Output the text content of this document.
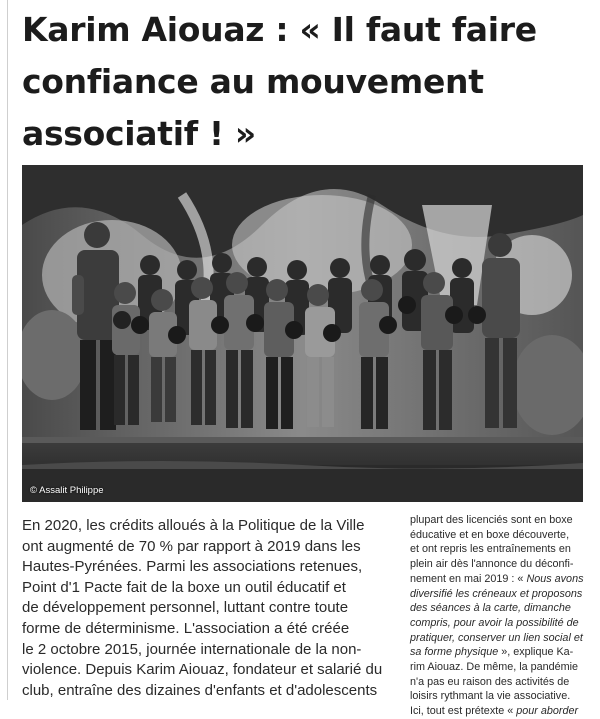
Karim Aiouaz : « Il faut faire
confiance au mouvement
associatif ! »
© Assalit Philippe
En 2020, les crédits alloués à la Politique de la Ville
ont augmenté de 70 % par rapport à 2019 dans les
Hautes-Pyrénées. Parmi les associations retenues,
Point d'1 Pacte fait de la boxe un outil éducatif et
de développement personnel, luttant contre toute
forme de déterminisme. L'association a été créée
le 2 octobre 2015, journée internationale de la non-
violence. Depuis Karim Aiouaz, fondateur et salarié du
club, entraîne des dizaines d'enfants et d'adolescents
plupart des licenciés sont en boxe
éducative et en boxe découverte,
et ont repris les entraînements en
plein air dès l'annonce du déconfi-
nement en mai 2019 : « Nous avons
diversifié les créneaux et proposons
des séances à la carte, dimanche
compris, pour avoir la possibilité de
pratiquer, conserver un lien social et
sa forme physique », explique Ka-
rim Aiouaz. De même, la pandémie
n'a pas eu raison des activités de
loisirs rythmant la vie associative.
Ici, tout est prétexte « pour aborder
